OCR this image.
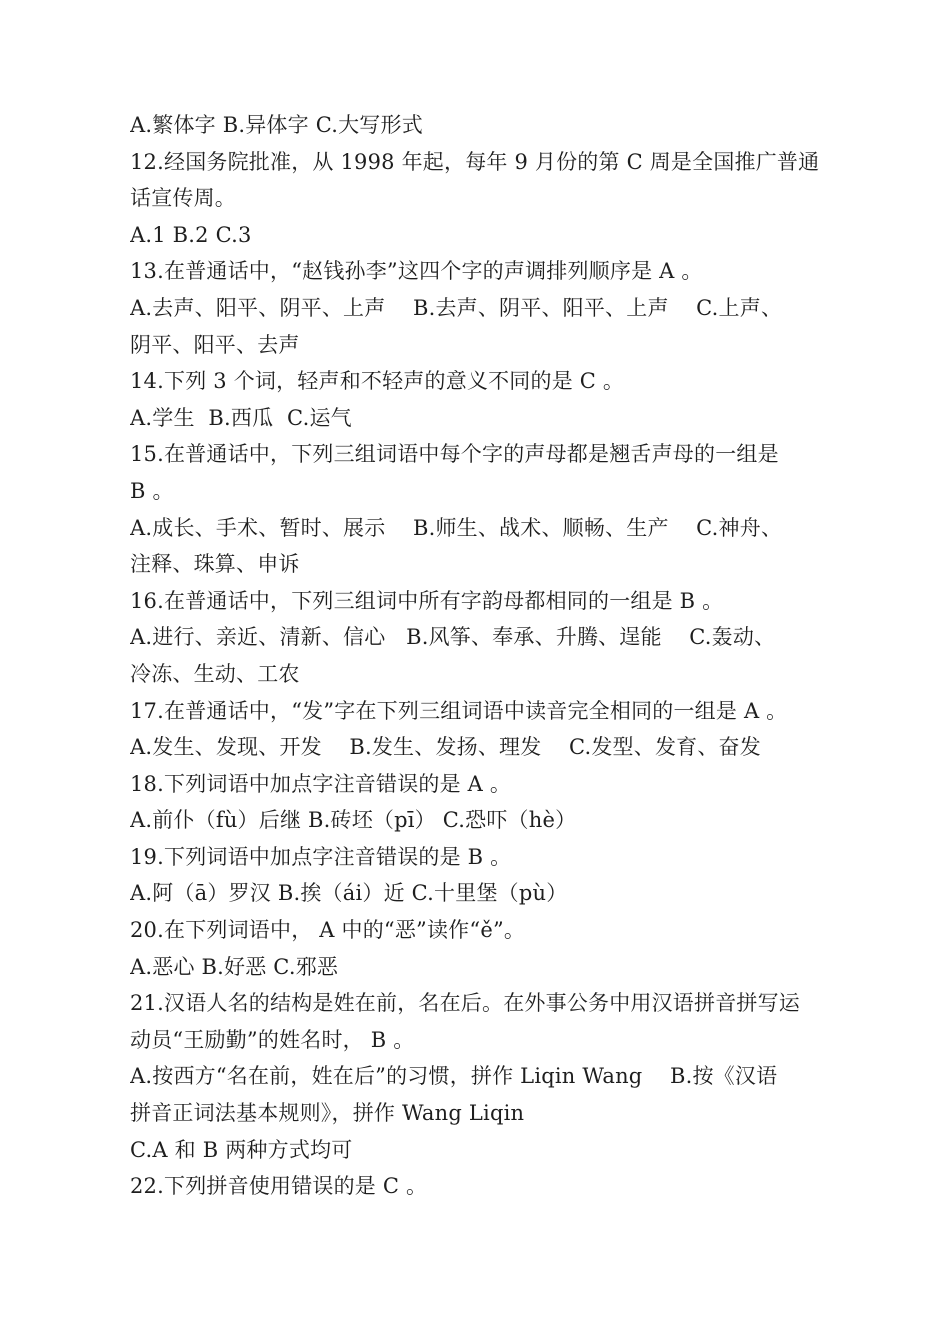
A.繁体字 B.异体字 C.大写形式
12.经国务院批准，从 1998 年起，每年 9 月份的第 C 周是全国推广普通
话宣传周。
A.1 B.2 C.3
13.在普通话中，“赵钱孙李”这四个字的声调排列顺序是 A 。
A.去声、阳平、阴平、上声    B.去声、阴平、阳平、上声    C.上声、
阴平、阳平、去声
14.下列 3 个词，轻声和不轻声的意义不同的是 C 。
A.学生  B.西瓜  C.运气
15.在普通话中，下列三组词语中每个字的声母都是翘舌声母的一组是
B 。
A.成长、手术、暂时、展示    B.师生、战术、顺畅、生产    C.神舟、
注释、珠算、申诉
16.在普通话中，下列三组词中所有字韵母都相同的一组是 B 。
A.进行、亲近、清新、信心   B.风筝、奉承、升腾、逞能    C.轰动、
冷冻、生动、工农
17.在普通话中，“发”字在下列三组词语中读音完全相同的一组是 A 。
A.发生、发现、开发    B.发生、发扬、理发    C.发型、发育、奋发
18.下列词语中加点字注音错误的是 A 。
A.前仆（fù）后继 B.砖坯（pī） C.恐吓（hè）
19.下列词语中加点字注音错误的是 B 。
A.阿（ā）罗汉 B.挨（ái）近 C.十里堡（pù）
20.在下列词语中， A 中的“恶”读作“ě”。
A.恶心 B.好恶 C.邪恶
21.汉语人名的结构是姓在前，名在后。在外事公务中用汉语拼音拼写运
动员“王励勤”的姓名时， B 。
A.按西方“名在前，姓在后”的习惯，拼作 Liqin Wang    B.按《汉语
拼音正词法基本规则》，拼作 Wang Liqin
C.A 和 B 两种方式均可
22.下列拼音使用错误的是 C 。
